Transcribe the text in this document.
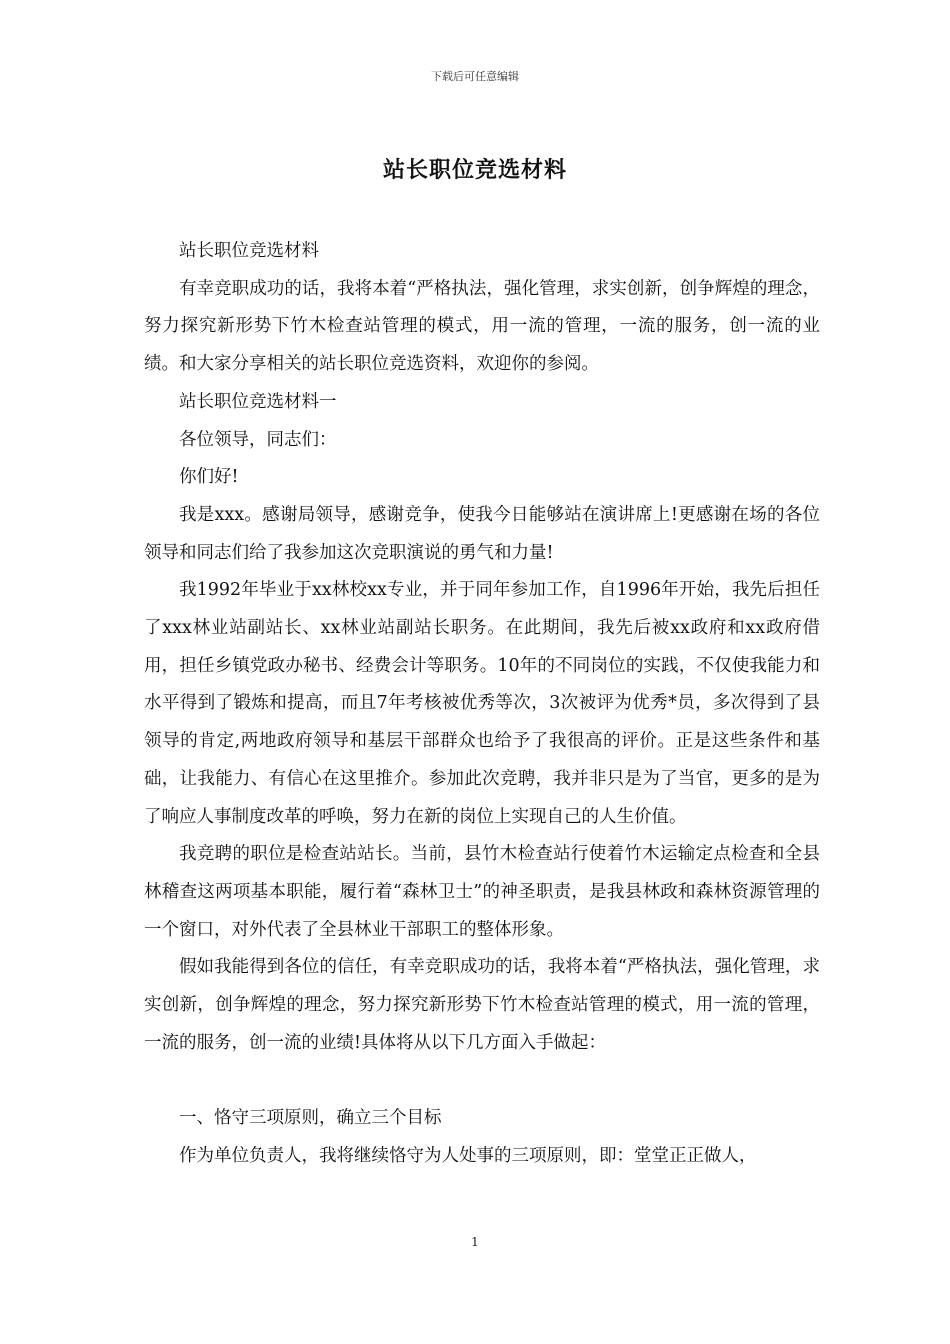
下载后可任意编辑
站长职位竞选材料

站长职位竞选材料

有幸竞职成功的话，我将本着“严格执法，强化管理，求实创新，创争辉煌的理念，努力探究新形势下竹木检查站管理的模式，用一流的管理，一流的服务，创一流的业绩。和大家分享相关的站长职位竞选资料，欢迎你的参阅。

站长职位竞选材料一

各位领导，同志们：

你们好!

我是xxx。感谢局领导，感谢竞争，使我今日能够站在演讲席上!更感谢在场的各位领导和同志们给了我参加这次竞职演说的勇气和力量!

我1992年毕业于xx林校xx专业，并于同年参加工作，自1996年开始，我先后担任了xxx林业站副站长、xx林业站副站长职务。在此期间，我先后被xx政府和xx政府借用，担任乡镇党政办秘书、经费会计等职务。10年的不同岗位的实践，不仅使我能力和水平得到了锻炼和提高，而且7年考核被优秀等次，3次被评为优秀*员，多次得到了县领导的肯定,两地政府领导和基层干部群众也给予了我很高的评价。正是这些条件和基础，让我能力、有信心在这里推介。参加此次竞聘，我并非只是为了当官，更多的是为了响应人事制度改革的呼唤，努力在新的岗位上实现自己的人生价值。

我竞聘的职位是检查站站长。当前，县竹木检查站行使着竹木运输定点检查和全县林稽查这两项基本职能，履行着“森林卫士”的神圣职责，是我县林政和森林资源管理的一个窗口，对外代表了全县林业干部职工的整体形象。

假如我能得到各位的信任，有幸竞职成功的话，我将本着“严格执法，强化管理，求实创新，创争辉煌的理念，努力探究新形势下竹木检查站管理的模式，用一流的管理，一流的服务，创一流的业绩!具体将从以下几方面入手做起：

一、恪守三项原则，确立三个目标

作为单位负责人，我将继续恪守为人处事的三项原则，即：堂堂正正做人，

1
